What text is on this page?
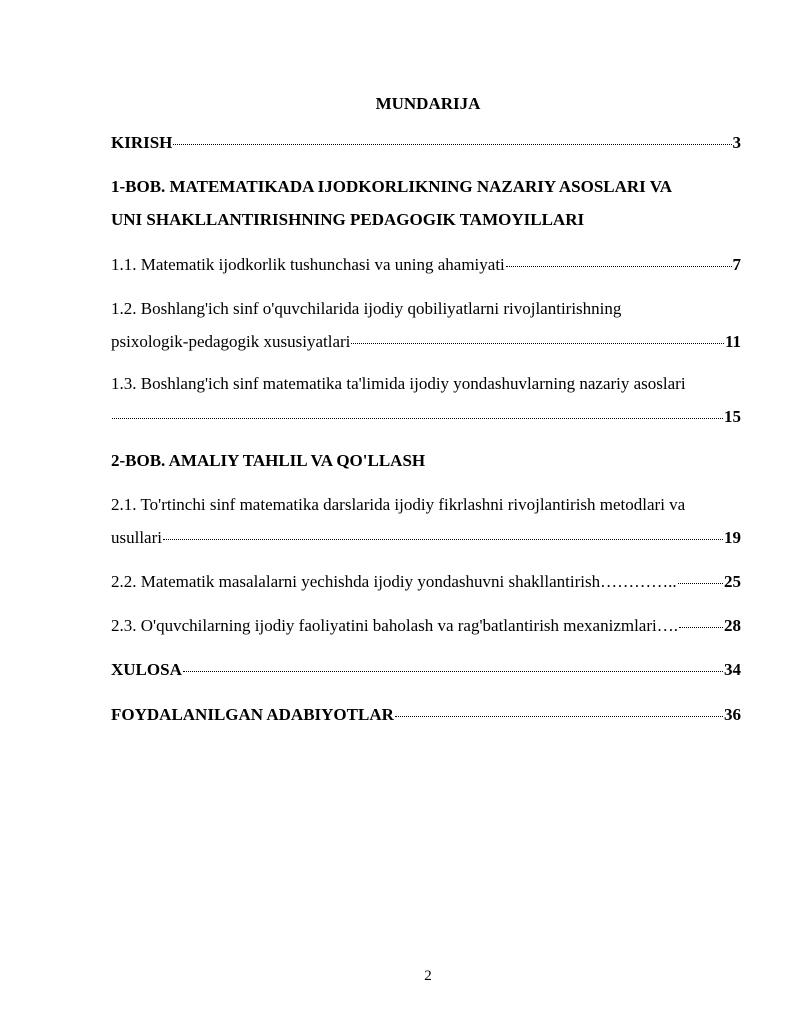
MUNDARIJA
KIRISH	3
1-BOB. MATEMATIKADA IJODKORLIKNING NAZARIY ASOSLARI VA
UNI SHAKLLANTIRISHNING PEDAGOGIK TAMOYILLARI
1.1. Matematik ijodkorlik tushunchasi va uning ahamiyati	7
1.2. Boshlang'ich sinf o'quvchilarida ijodiy qobiliyatlarni rivojlantirishning
psixologik-pedagogik xususiyatlari	11
1.3. Boshlang'ich sinf matematika ta'limida ijodiy yondashuvlarning nazariy asoslari
15
2-BOB. AMALIY TAHLIL VA QO'LLASH
2.1. To'rtinchi sinf matematika darslarida ijodiy fikrlashni rivojlantirish metodlari va
usullari	19
2.2. Matematik masalalarni yechishda ijodiy yondashuvni shakllantirish …………..	25
2.3. O'quvchilarning ijodiy faoliyatini baholash va rag'batlantirish mexanizmlari ….	28
XULOSA	34
FOYDALANILGAN ADABIYOTLAR	36
2
